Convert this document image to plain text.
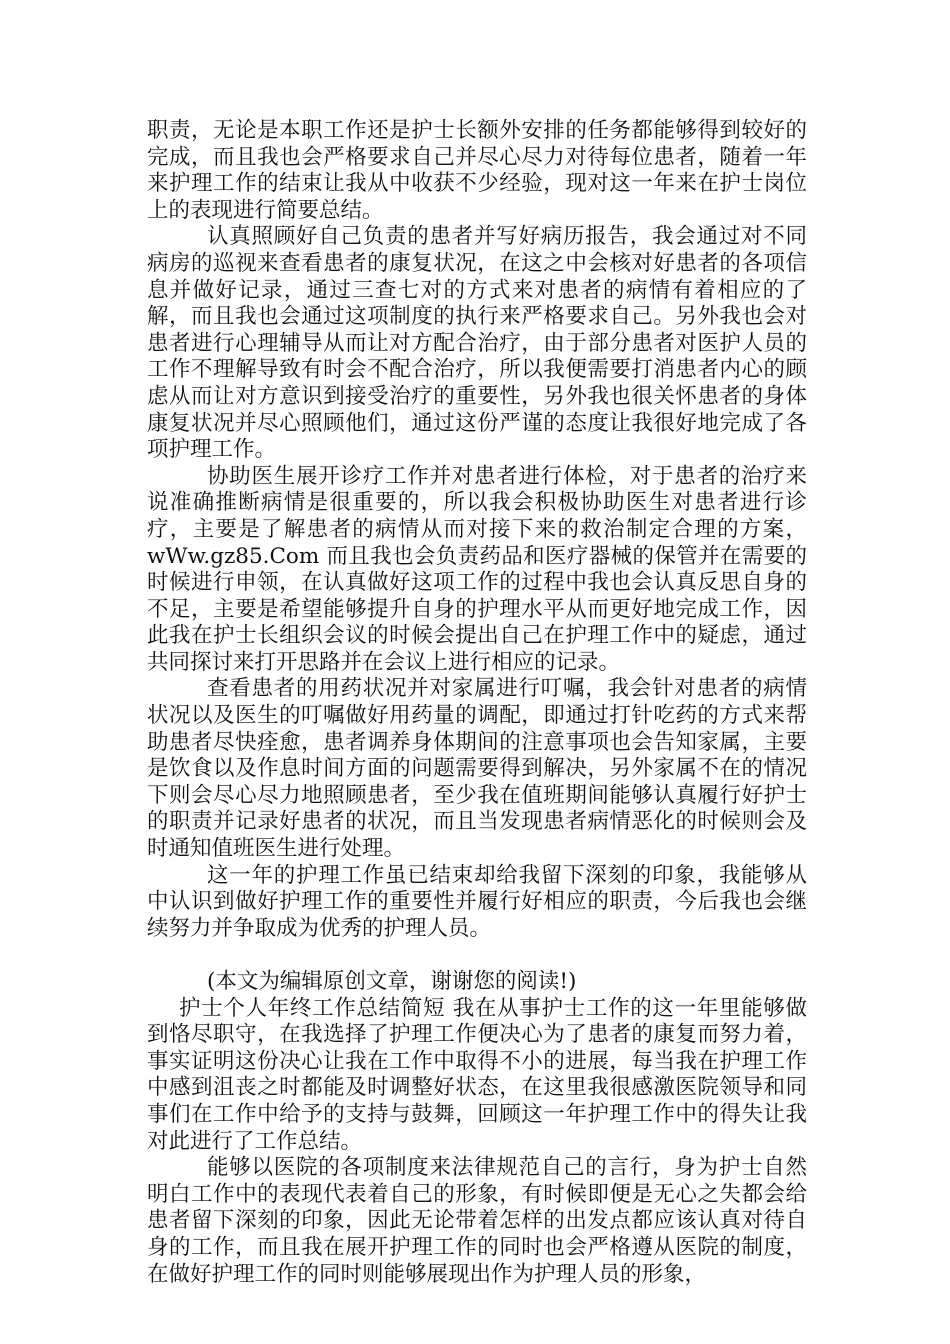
职责，无论是本职工作还是护士长额外安排的任务都能够得到较好的完成，而且我也会严格要求自己并尽心尽力对待每位患者，随着一年来护理工作的结束让我从中收获不少经验，现对这一年来在护士岗位上的表现进行简要总结。

认真照顾好自己负责的患者并写好病历报告，我会通过对不同病房的巡视来查看患者的康复状况，在这之中会核对好患者的各项信息并做好记录，通过三查七对的方式来对患者的病情有着相应的了解，而且我也会通过这项制度的执行来严格要求自己。另外我也会对患者进行心理辅导从而让对方配合治疗，由于部分患者对医护人员的工作不理解导致有时会不配合治疗，所以我便需要打消患者内心的顾虑从而让对方意识到接受治疗的重要性，另外我也很关怀患者的身体康复状况并尽心照顾他们，通过这份严谨的态度让我很好地完成了各项护理工作。

协助医生展开诊疗工作并对患者进行体检，对于患者的治疗来说准确推断病情是很重要的，所以我会积极协助医生对患者进行诊疗，主要是了解患者的病情从而对接下来的救治制定合理的方案，wWw.gz85.Com 而且我也会负责药品和医疗器械的保管并在需要的时候进行申领，在认真做好这项工作的过程中我也会认真反思自身的不足，主要是希望能够提升自身的护理水平从而更好地完成工作，因此我在护士长组织会议的时候会提出自己在护理工作中的疑虑，通过共同探讨来打开思路并在会议上进行相应的记录。

查看患者的用药状况并对家属进行叮嘱，我会针对患者的病情状况以及医生的叮嘱做好用药量的调配，即通过打针吃药的方式来帮助患者尽快痊愈，患者调养身体期间的注意事项也会告知家属，主要是饮食以及作息时间方面的问题需要得到解决，另外家属不在的情况下则会尽心尽力地照顾患者，至少我在值班期间能够认真履行好护士的职责并记录好患者的状况，而且当发现患者病情恶化的时候则会及时通知值班医生进行处理。

这一年的护理工作虽已结束却给我留下深刻的印象，我能够从中认识到做好护理工作的重要性并履行好相应的职责，今后我也会继续努力并争取成为优秀的护理人员。

(本文为编辑原创文章，谢谢您的阅读!)

护士个人年终工作总结简短 我在从事护士工作的这一年里能够做到恪尽职守，在我选择了护理工作便决心为了患者的康复而努力着，事实证明这份决心让我在工作中取得不小的进展，每当我在护理工作中感到沮丧之时都能及时调整好状态，在这里我很感激医院领导和同事们在工作中给予的支持与鼓舞，回顾这一年护理工作中的得失让我对此进行了工作总结。

能够以医院的各项制度来法律规范自己的言行，身为护士自然明白工作中的表现代表着自己的形象，有时候即便是无心之失都会给患者留下深刻的印象，因此无论带着怎样的出发点都应该认真对待自身的工作，而且我在展开护理工作的同时也会严格遵从医院的制度，在做好护理工作的同时则能够展现出作为护理人员的形象，
